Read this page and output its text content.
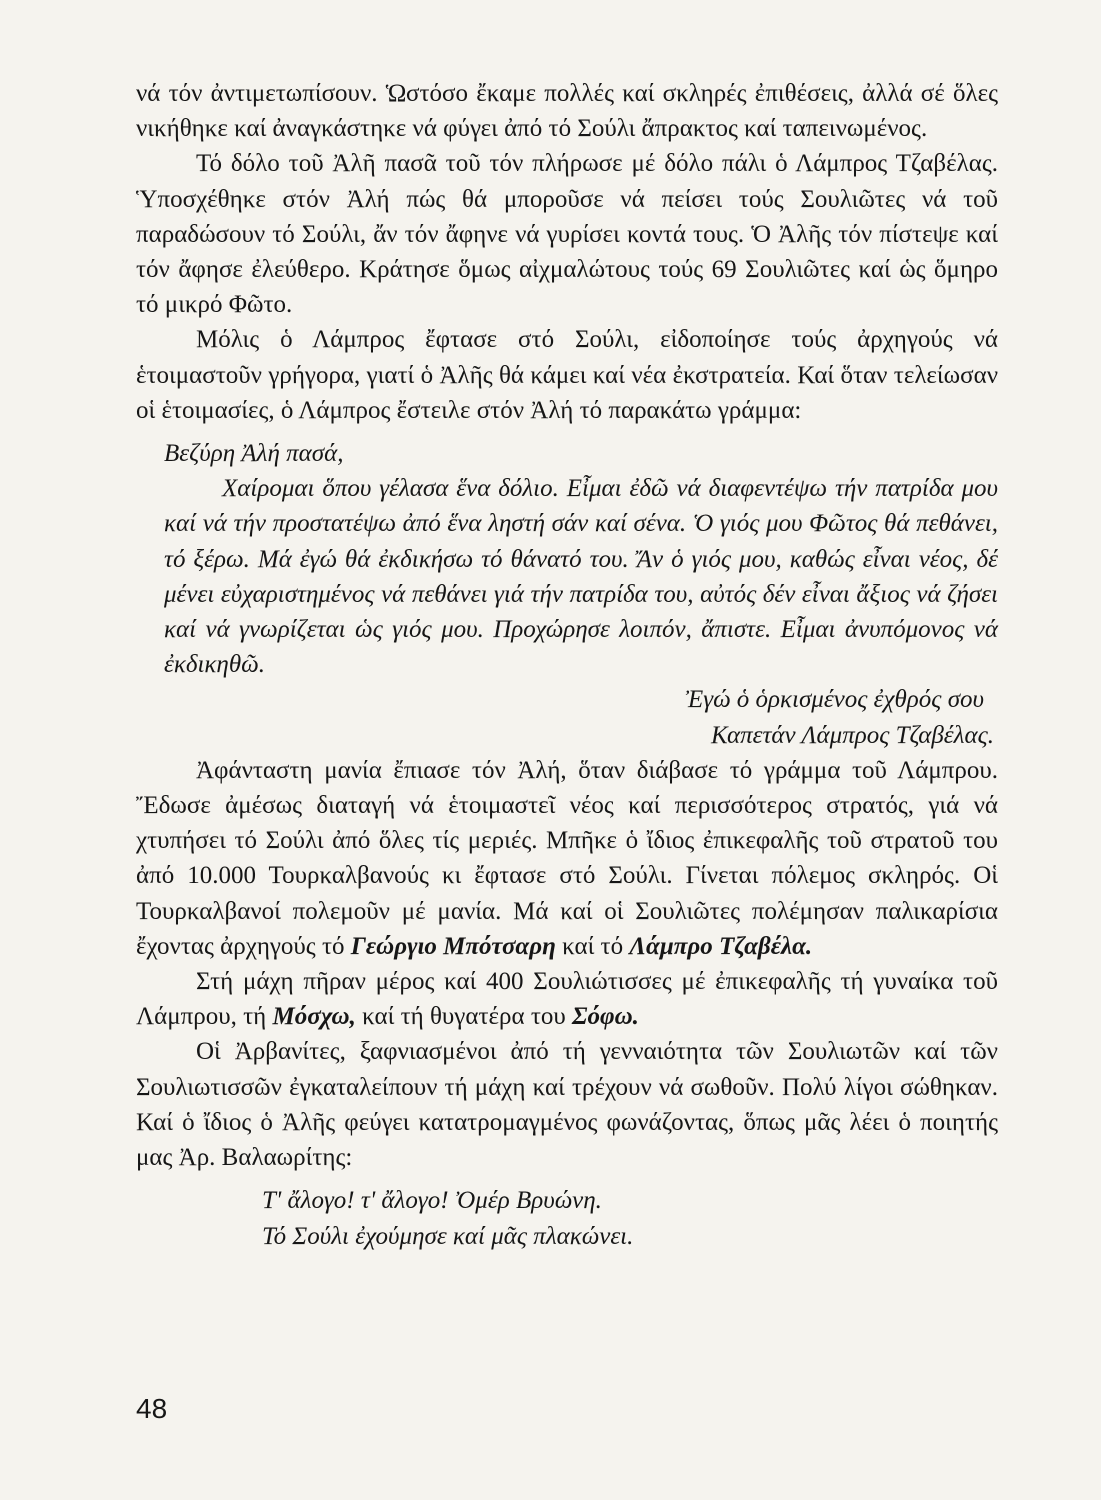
νά τόν ἀντιμετωπίσουν. Ὡστόσο ἔκαμε πολλές καί σκληρές ἐπιθέσεις, ἀλλά σέ ὅλες νικήθηκε καί ἀναγκάστηκε νά φύγει ἀπό τό Σούλι ἄπρακτος καί ταπεινωμένος.

Τό δόλο τοῦ Ἀλῆ πασᾶ τοῦ τόν πλήρωσε μέ δόλο πάλι ὁ Λάμπρος Τζαβέλας. Ὑποσχέθηκε στόν Ἀλή πώς θά μποροῦσε νά πείσει τούς Σουλιῶτες νά τοῦ παραδώσουν τό Σούλι, ἄν τόν ἄφηνε νά γυρίσει κοντά τους. Ὁ Ἀλῆς τόν πίστεψε καί τόν ἄφησε ἐλεύθερο. Κράτησε ὅμως αἰχμαλώτους τούς 69 Σουλιῶτες καί ὡς ὅμηρο τό μικρό Φῶτο.

Μόλις ὁ Λάμπρος ἔφτασε στό Σούλι, εἰδοποίησε τούς ἀρχηγούς νά ἑτοιμαστοῦν γρήγορα, γιατί ὁ Ἀλῆς θά κάμει καί νέα ἐκστρατεία. Καί ὅταν τελείωσαν οἱ ἑτοιμασίες, ὁ Λάμπρος ἔστειλε στόν Ἀλή τό παρακάτω γράμμα:

Βεζύρη Ἀλή πασά,

Χαίρομαι ὅπου γέλασα ἕνα δόλιο. Εἶμαι ἐδῶ νά διαφεντέψω τήν πατρίδα μου καί νά τήν προστατέψω ἀπό ἕνα ληστή σάν καί σένα. Ὁ γιός μου Φῶτος θά πεθάνει, τό ξέρω. Μά ἐγώ θά ἐκδικήσω τό θάνατό του. Ἄν ὁ γιός μου, καθώς εἶναι νέος, δέ μένει εὐχαριστημένος νά πεθάνει γιά τήν πατρίδα του, αὐτός δέν εἶναι ἄξιος νά ζήσει καί νά γνωρίζεται ὡς γιός μου. Προχώρησε λοιπόν, ἄπιστε. Εἶμαι ἀνυπόμονος νά ἐκδικηθῶ.

Ἐγώ ὁ ὁρκισμένος ἐχθρός σου
Καπετάν Λάμπρος Τζαβέλας.

Ἀφάνταστη μανία ἔπιασε τόν Ἀλή, ὅταν διάβασε τό γράμμα τοῦ Λάμπρου. Ἔδωσε ἀμέσως διαταγή νά ἑτοιμαστεῖ νέος καί περισσότερος στρατός, γιά νά χτυπήσει τό Σούλι ἀπό ὅλες τίς μεριές. Μπῆκε ὁ ἴδιος ἐπικεφαλῆς τοῦ στρατοῦ του ἀπό 10.000 Τουρκαλβανούς κι ἔφτασε στό Σούλι. Γίνεται πόλεμος σκληρός. Οἱ Τουρκαλβανοί πολεμοῦν μέ μανία. Μά καί οἱ Σουλιῶτες πολέμησαν παλικαρίσια ἔχοντας ἀρχηγούς τό Γεώργιο Μπότσαρη καί τό Λάμπρο Τζαβέλα.

Στή μάχη πῆραν μέρος καί 400 Σουλιώτισσες μέ ἐπικεφαλῆς τή γυναίκα τοῦ Λάμπρου, τή Μόσχω, καί τή θυγατέρα του Σόφω.

Οἱ Ἀρβανίτες, ξαφνιασμένοι ἀπό τή γενναιότητα τῶν Σουλιωτῶν καί τῶν Σουλιωτισσῶν ἐγκαταλείπουν τή μάχη καί τρέχουν νά σωθοῦν. Πολύ λίγοι σώθηκαν. Καί ὁ ἴδιος ὁ Ἀλῆς φεύγει κατατρομαγμένος φωνάζοντας, ὅπως μᾶς λέει ὁ ποιητής μας Ἀρ. Βαλαωρίτης:

Τ' ἄλογο! τ' ἄλογο! Ὀμέρ Βρυώνη.
Τό Σούλι ἐχούμησε καί μᾶς πλακώνει.
48
